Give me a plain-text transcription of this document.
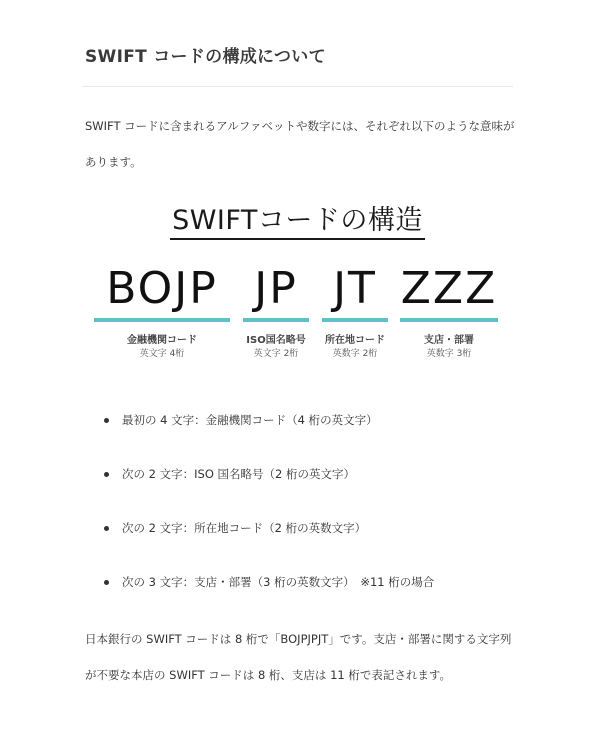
SWIFT コードの構成について

SWIFT コードに含まれるアルファベットや数字には、それぞれ以下のような意味があります。

SWIFTコードの構造
BOJP
金融機関コード
英文字 4桁
JP
ISO国名略号
英文字 2桁
JT
所在地コード
英数字 2桁
ZZZ
支店・部署
英数字 3桁
最初の 4 文字：金融機関コード（4 桁の英文字）
次の 2 文字：ISO 国名略号（2 桁の英文字）
次の 2 文字：所在地コード（2 桁の英数文字）
次の 3 文字：支店・部署（3 桁の英数文字）　※11 桁の場合

日本銀行の SWIFT コードは 8 桁で「BOJPJPJT」です。支店・部署に関する文字列が不要な本店の SWIFT コードは 8 桁、支店は 11 桁で表記されます。
